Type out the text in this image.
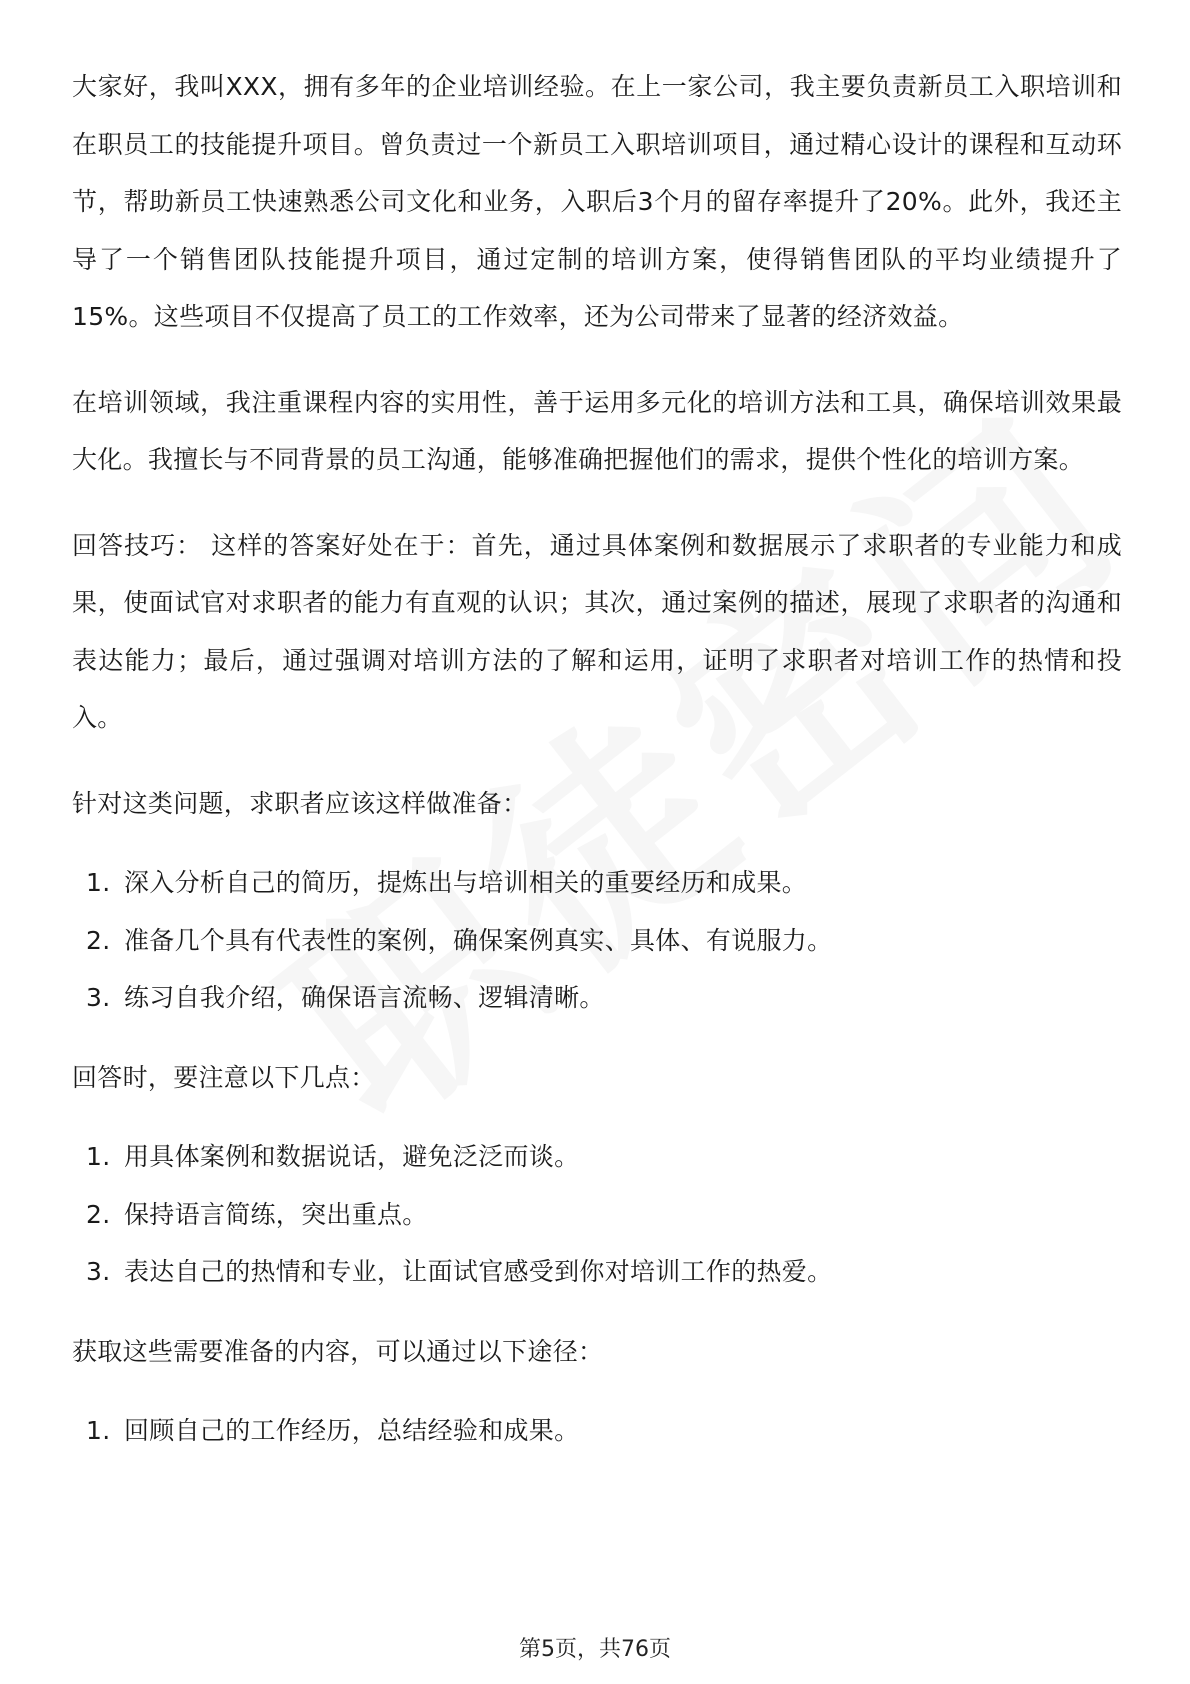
大家好，我叫XXX，拥有多年的企业培训经验。在上一家公司，我主要负责新员工入职培训和在职员工的技能提升项目。曾负责过一个新员工入职培训项目，通过精心设计的课程和互动环节，帮助新员工快速熟悉公司文化和业务，入职后3个月的留存率提升了20%。此外，我还主导了一个销售团队技能提升项目，通过定制的培训方案，使得销售团队的平均业绩提升了15%。这些项目不仅提高了员工的工作效率，还为公司带来了显著的经济效益。

在培训领域，我注重课程内容的实用性，善于运用多元化的培训方法和工具，确保培训效果最大化。我擅长与不同背景的员工沟通，能够准确把握他们的需求，提供个性化的培训方案。

回答技巧： 这样的答案好处在于：首先，通过具体案例和数据展示了求职者的专业能力和成果，使面试官对求职者的能力有直观的认识；其次，通过案例的描述，展现了求职者的沟通和表达能力；最后，通过强调对培训方法的了解和运用，证明了求职者对培训工作的热情和投入。

针对这类问题，求职者应该这样做准备：

1. 深入分析自己的简历，提炼出与培训相关的重要经历和成果。
2. 准备几个具有代表性的案例，确保案例真实、具体、有说服力。
3. 练习自我介绍，确保语言流畅、逻辑清晰。

回答时，要注意以下几点：

1. 用具体案例和数据说话，避免泛泛而谈。
2. 保持语言简练，突出重点。
3. 表达自己的热情和专业，让面试官感受到你对培训工作的热爱。

获取这些需要准备的内容，可以通过以下途径：

1. 回顾自己的工作经历，总结经验和成果。
第5页，共76页
